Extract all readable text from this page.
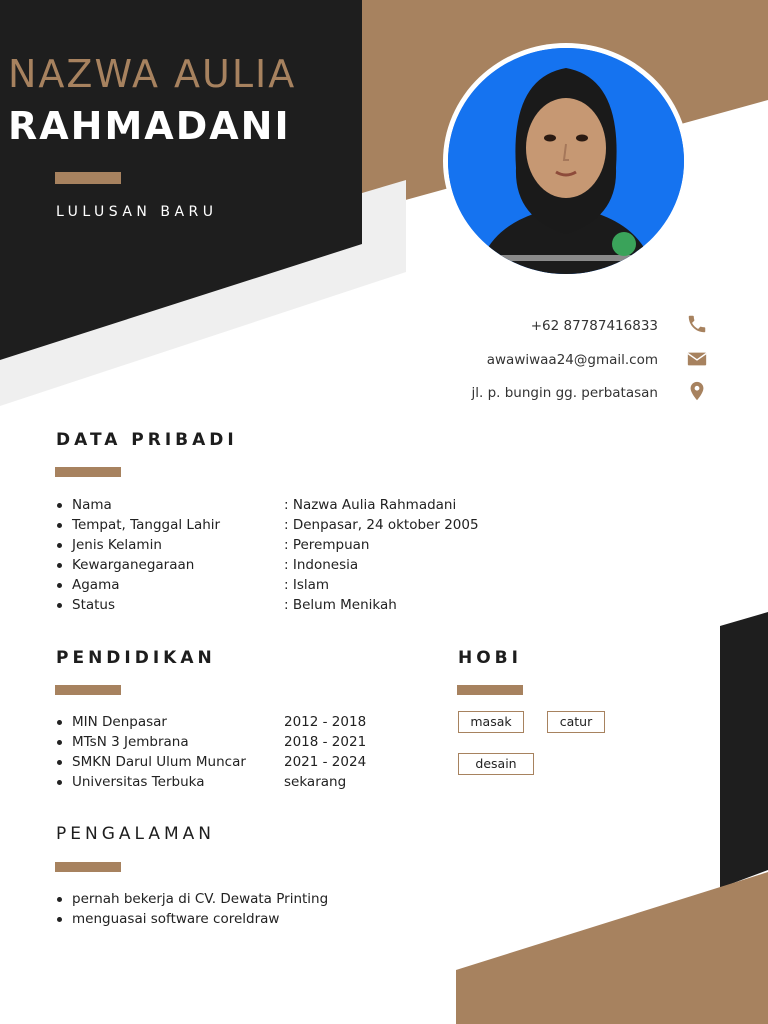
NAZWA AULIA
RAHMADANI
LULUSAN BARU
+62 87787416833
awawiwaa24@gmail.com
jl. p. bungin gg. perbatasan
DATA PRIBADI
Nama
Tempat, Tanggal Lahir
Jenis Kelamin
Kewarganegaraan
Agama
Status
: Nazwa Aulia Rahmadani
: Denpasar, 24 oktober 2005
: Perempuan
: Indonesia
: Islam
: Belum Menikah
PENDIDIKAN
MIN Denpasar
MTsN 3 Jembrana
SMKN Darul Ulum Muncar
Universitas Terbuka
2012 - 2018
2018 - 2021
2021 - 2024
sekarang
HOBI
masak	catur
desain
PENGALAMAN
pernah bekerja di CV. Dewata Printing
menguasai software coreldraw
